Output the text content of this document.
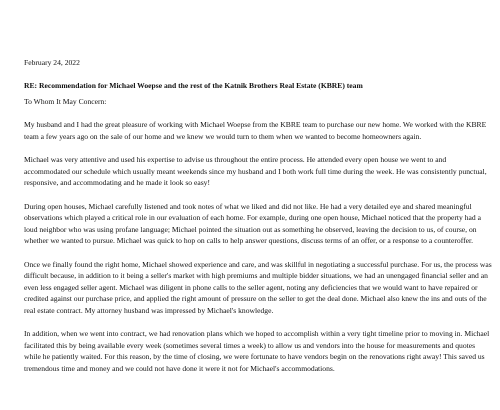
February 24, 2022

RE: Recommendation for Michael Woepse and the rest of the Katnik Brothers Real Estate (KBRE) team

To Whom It May Concern:

My husband and I had the great pleasure of working with Michael Woepse from the KBRE team to purchase our new home. We worked with the KBRE team a few years ago on the sale of our home and we knew we would turn to them when we wanted to become homeowners again.

Michael was very attentive and used his expertise to advise us throughout the entire process. He attended every open house we went to and accommodated our schedule which usually meant weekends since my husband and I both work full time during the week. He was consistently punctual, responsive, and accommodating and he made it look so easy!

During open houses, Michael carefully listened and took notes of what we liked and did not like. He had a very detailed eye and shared meaningful observations which played a critical role in our evaluation of each home. For example, during one open house, Michael noticed that the property had a loud neighbor who was using profane language; Michael pointed the situation out as something he observed, leaving the decision to us, of course, on whether we wanted to pursue. Michael was quick to hop on calls to help answer questions, discuss terms of an offer, or a response to a counteroffer.

Once we finally found the right home, Michael showed experience and care, and was skillful in negotiating a successful purchase. For us, the process was difficult because, in addition to it being a seller's market with high premiums and multiple bidder situations, we had an unengaged financial seller and an even less engaged seller agent. Michael was diligent in phone calls to the seller agent, noting any deficiencies that we would want to have repaired or credited against our purchase price, and applied the right amount of pressure on the seller to get the deal done. Michael also knew the ins and outs of the real estate contract. My attorney husband was impressed by Michael's knowledge.

In addition, when we went into contract, we had renovation plans which we hoped to accomplish within a very tight timeline prior to moving in. Michael facilitated this by being available every week (sometimes several times a week) to allow us and vendors into the house for measurements and quotes while he patiently waited. For this reason, by the time of closing, we were fortunate to have vendors begin on the renovations right away! This saved us tremendous time and money and we could not have done it were it not for Michael's accommodations.
